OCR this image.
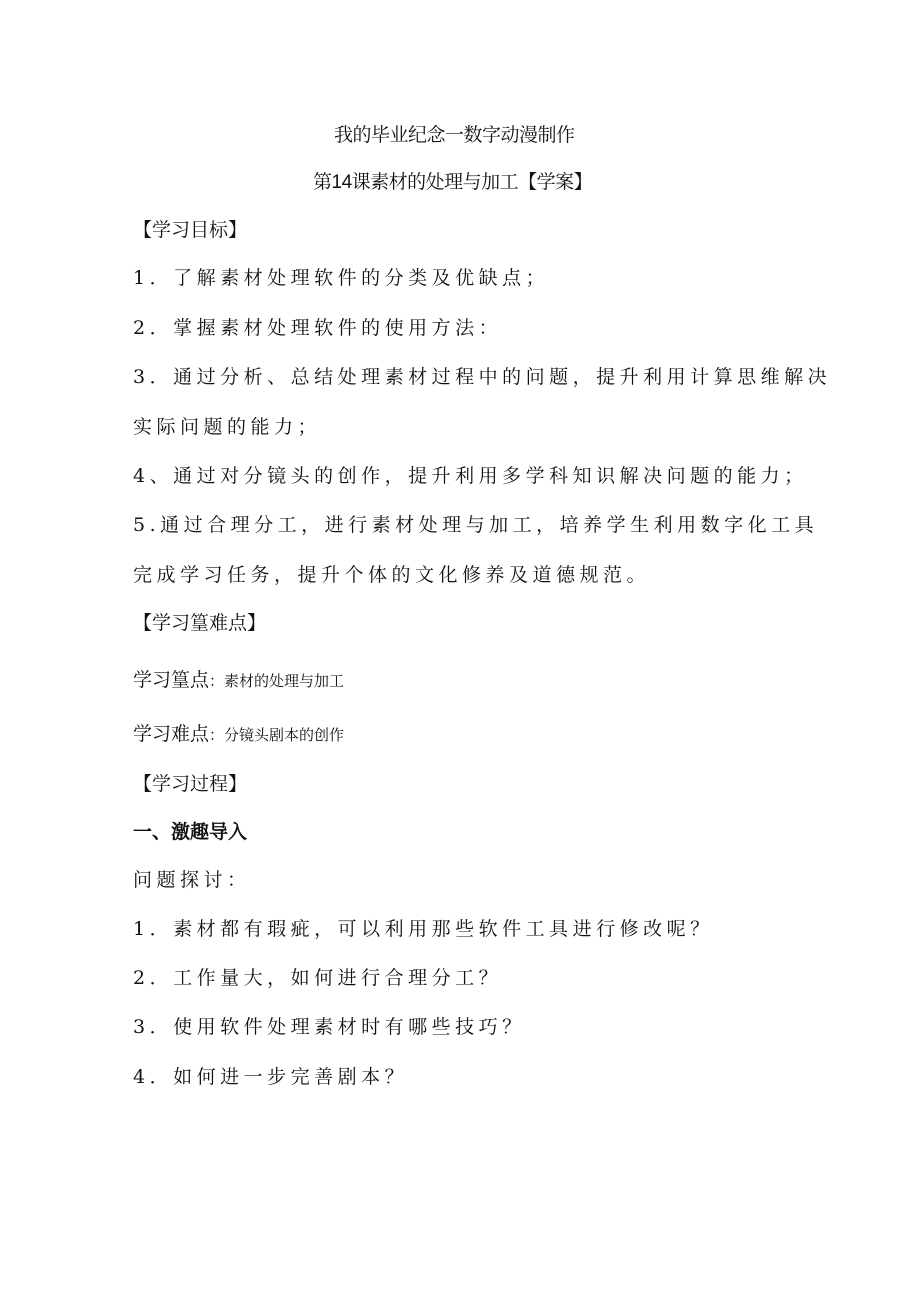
我的毕业纪念一数字动漫制作
第14课素材的处理与加工【学案】
【学习目标】
1．了解素材处理软件的分类及优缺点；
2．掌握素材处理软件的使用方法：
3．通过分析、总结处理素材过程中的问题，提升利用计算思维解决
实际问题的能力；
4、通过对分镜头的创作，提升利用多学科知识解决问题的能力；
5.通过合理分工，进行素材处理与加工，培养学生利用数字化工具
完成学习任务，提升个体的文化修养及道德规范。
【学习篁难点】
学习篁点：素材的处理与加工
学习难点：分镜头剧本的创作
【学习过程】
一、激趣导入
问题探讨：
1．素材都有瑕疵，可以利用那些软件工具进行修改呢？
2．工作量大，如何进行合理分工？
3．使用软件处理素材时有哪些技巧？
4．如何进一步完善剧本？
